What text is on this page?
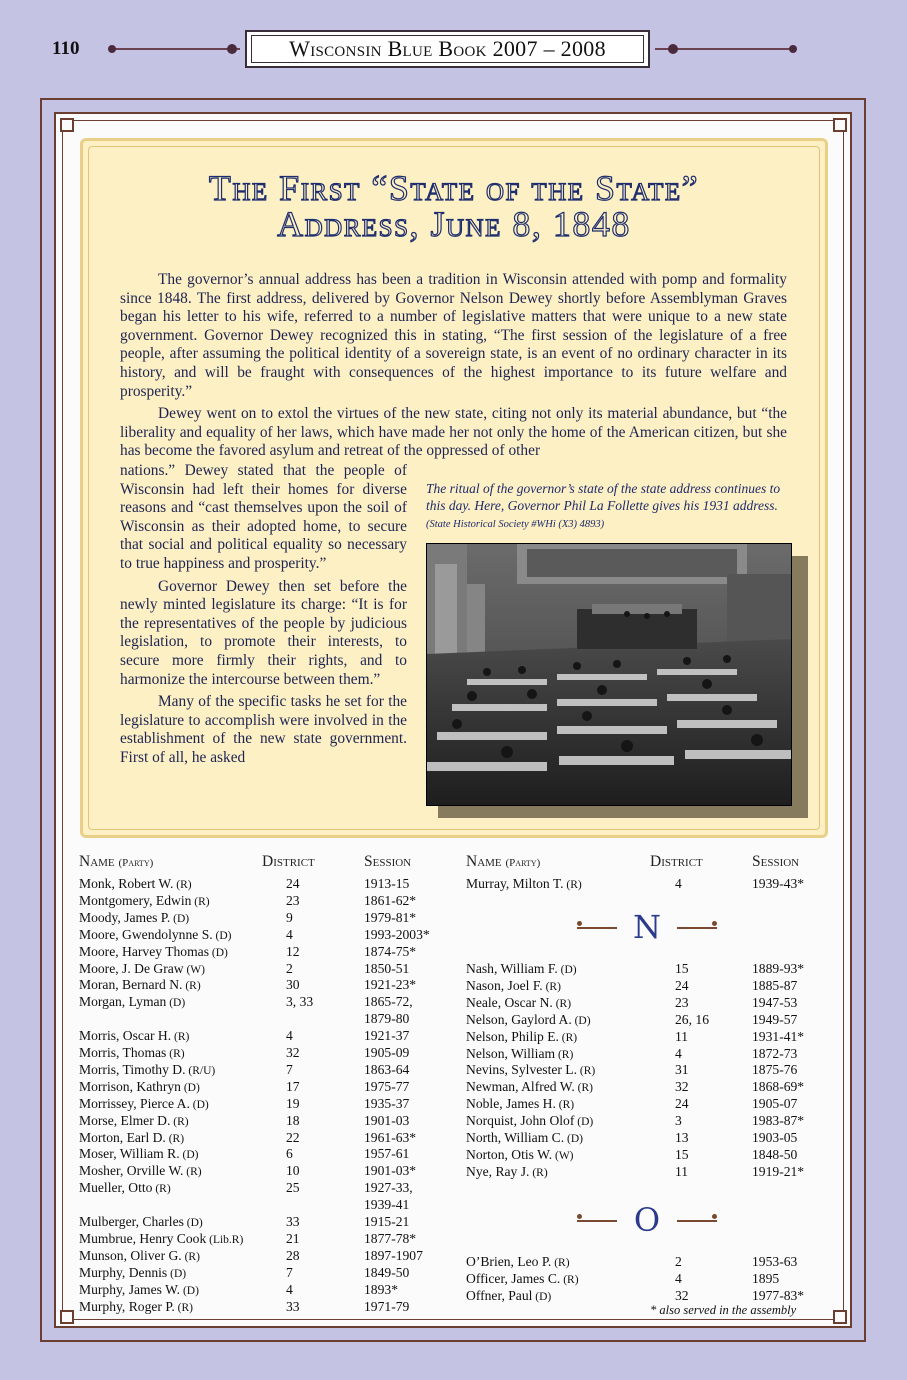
110	Wisconsin Blue Book 2007 – 2008
The First “State of the State”
Address, June 8, 1848

The governor’s annual address has been a tradition in Wisconsin attended with pomp and formality since 1848. The first address, delivered by Governor Nelson Dewey shortly before Assemblyman Graves began his letter to his wife, referred to a number of legislative matters that were unique to a new state government. Governor Dewey recognized this in stating, “The first session of the legislature of a free people, after assuming the political identity of a sovereign state, is an event of no ordinary character in its history, and will be fraught with consequences of the highest importance to its future welfare and prosperity.”

Dewey went on to extol the virtues of the new state, citing not only its material abundance, but “the liberality and equality of her laws, which have made her not only the home of the American citizen, but she has become the favored asylum and retreat of the oppressed of other

nations.” Dewey stated that the people of Wisconsin had left their homes for diverse reasons and “cast themselves upon the soil of Wisconsin as their adopted home, to secure that social and political equality so necessary to true happiness and prosperity.”

Governor Dewey then set before the newly minted legislature its charge: “It is for the representatives of the people by judicious legislation, to promote their interests, to secure more firmly their rights, and to harmonize the intercourse between them.”

Many of the specific tasks he set for the legislature to accomplish were involved in the establishment of the new state government. First of all, he asked

The ritual of the governor’s state of the state address continues to this day. Here, Governor Phil La Follette gives his 1931 address. (State Historical Society #WHi (X3) 4893)
Name (Party)	District	Session	Name (Party)	District	Session
Monk, Robert W. (R)	24	1913-15
Montgomery, Edwin (R)	23	1861-62*
Moody, James P. (D)	9	1979-81*
Moore, Gwendolynne S. (D)	4	1993-2003*
Moore, Harvey Thomas (D)	12	1874-75*
Moore, J. De Graw (W)	2	1850-51
Moran, Bernard N. (R)	30	1921-23*
Morgan, Lyman (D)	3, 33	1865-72,
1879-80
Morris, Oscar H. (R)	4	1921-37
Morris, Thomas (R)	32	1905-09
Morris, Timothy D. (R/U)	7	1863-64
Morrison, Kathryn (D)	17	1975-77
Morrissey, Pierce A. (D)	19	1935-37
Morse, Elmer D. (R)	18	1901-03
Morton, Earl D. (R)	22	1961-63*
Moser, William R. (D)	6	1957-61
Mosher, Orville W. (R)	10	1901-03*
Mueller, Otto (R)	25	1927-33,
1939-41
Mulberger, Charles (D)	33	1915-21
Mumbrue, Henry Cook (Lib.R)	21	1877-78*
Munson, Oliver G. (R)	28	1897-1907
Murphy, Dennis (D)	7	1849-50
Murphy, James W. (D)	4	1893*
Murphy, Roger P. (R)	33	1971-79
Murray, Milton T. (R)	4	1939-43*
N
Nash, William F. (D)	15	1889-93*
Nason, Joel F. (R)	24	1885-87
Neale, Oscar N. (R)	23	1947-53
Nelson, Gaylord A. (D)	26, 16	1949-57
Nelson, Philip E. (R)	11	1931-41*
Nelson, William (R)	4	1872-73
Nevins, Sylvester L. (R)	31	1875-76
Newman, Alfred W. (R)	32	1868-69*
Noble, James H. (R)	24	1905-07
Norquist, John Olof (D)	3	1983-87*
North, William C. (D)	13	1903-05
Norton, Otis W. (W)	15	1848-50
Nye, Ray J. (R)	11	1919-21*
O
O’Brien, Leo P. (R)	2	1953-63
Officer, James C. (R)	4	1895
Offner, Paul (D)	32	1977-83*
* also served in the assembly
